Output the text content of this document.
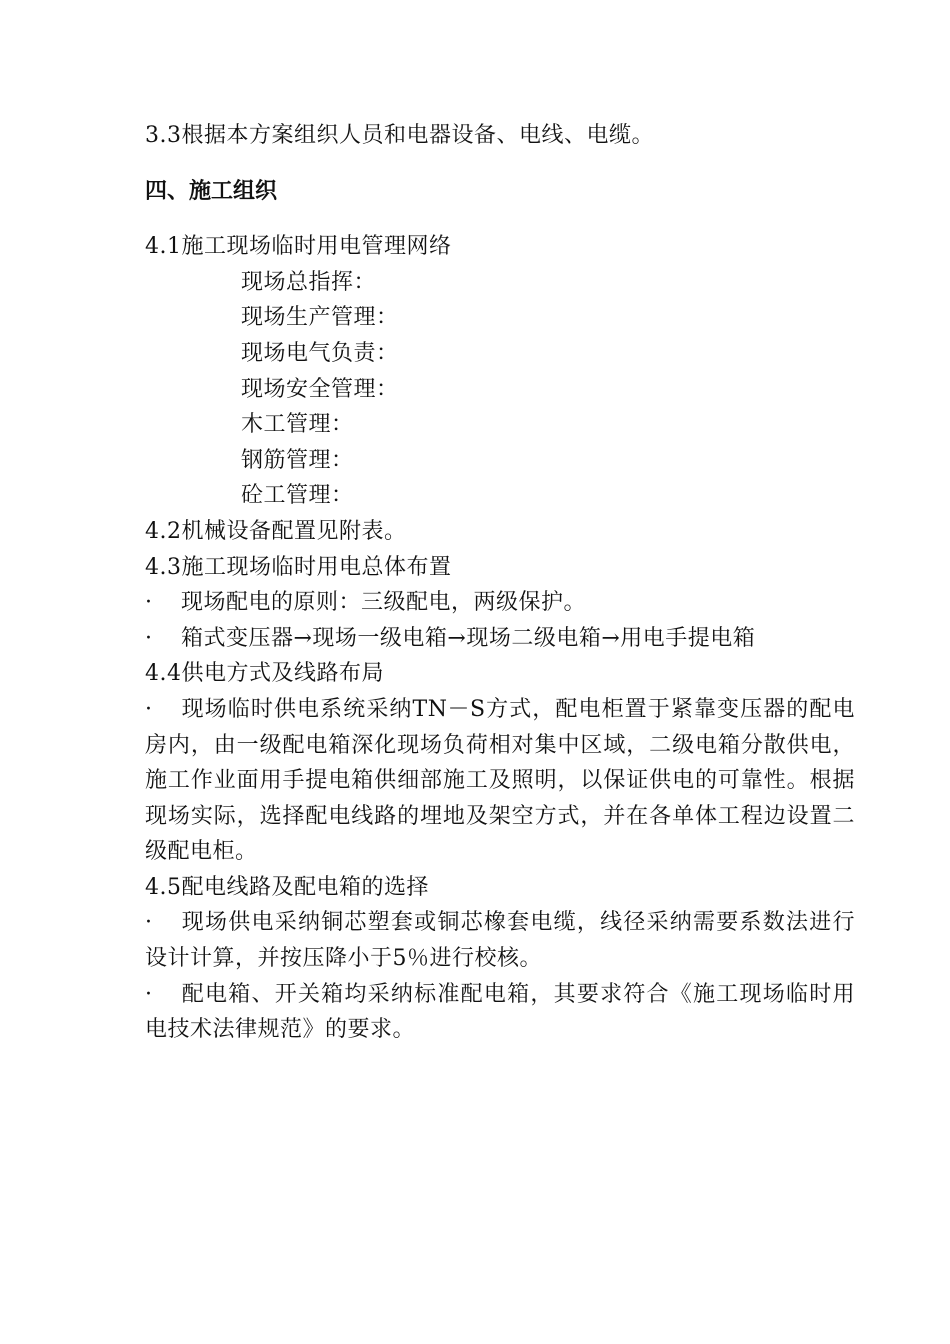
3.3根据本方案组织人员和电器设备、电线、电缆。
四、施工组织
4.1施工现场临时用电管理网络
现场总指挥：
现场生产管理：
现场电气负责：
现场安全管理：
木工管理：
钢筋管理：
砼工管理：
4.2机械设备配置见附表。
4.3施工现场临时用电总体布置
· 现场配电的原则：三级配电，两级保护。
· 箱式变压器→现场一级电箱→现场二级电箱→用电手提电箱
4.4供电方式及线路布局
· 现场临时供电系统采纳TN－S方式，配电柜置于紧靠变压器的配电房内，由一级配电箱深化现场负荷相对集中区域，二级电箱分散供电，施工作业面用手提电箱供细部施工及照明，以保证供电的可靠性。根据现场实际，选择配电线路的埋地及架空方式，并在各单体工程边设置二级配电柜。
4.5配电线路及配电箱的选择
· 现场供电采纳铜芯塑套或铜芯橡套电缆，线径采纳需要系数法进行设计计算，并按压降小于5％进行校核。
· 配电箱、开关箱均采纳标准配电箱，其要求符合《施工现场临时用电技术法律规范》的要求。
